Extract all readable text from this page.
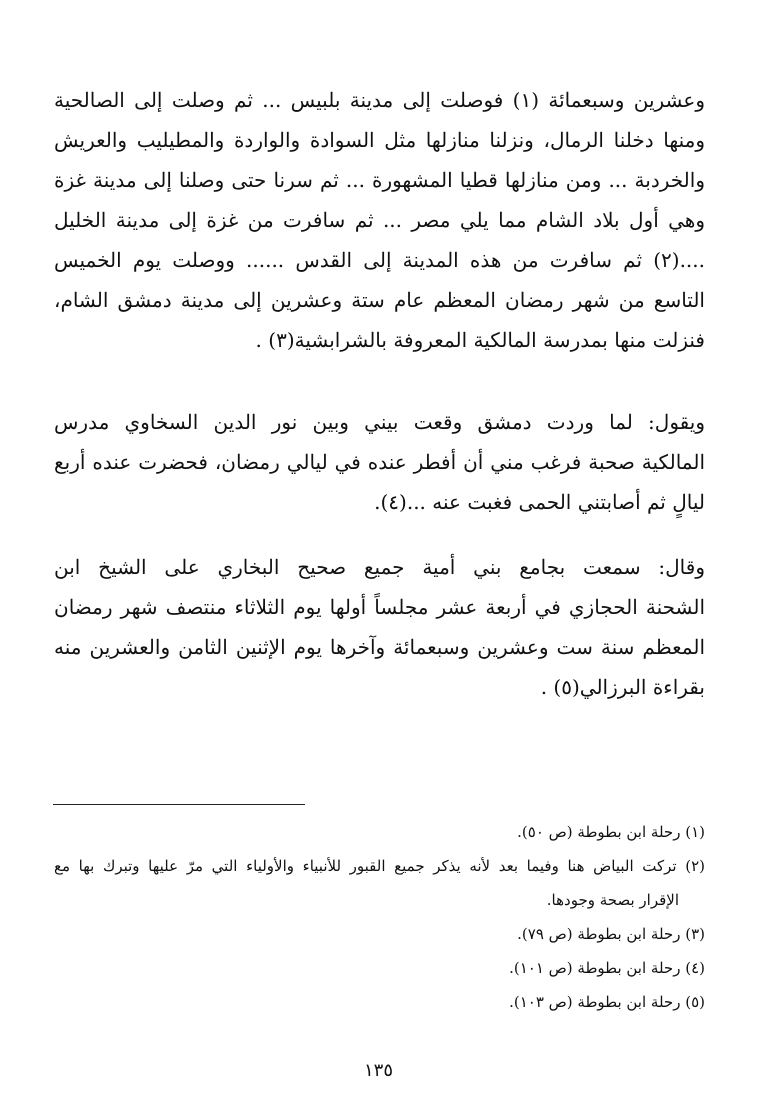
وعشرين وسبعمائة (١) فوصلت إلى مدينة بلبيس ... ثم وصلت إلى الصالحية
ومنها دخلنا الرمال، ونزلنا منازلها مثل السوادة والواردة والمطيليب والعريش
والخردبة ... ومن منازلها قطيا المشهورة ... ثم سرنا حتى وصلنا إلى مدينة غزة
وهي أول بلاد الشام مما يلي مصر ... ثم سافرت من غزة إلى مدينة الخليل
....(٢) ثم سافرت من هذه المدينة إلى القدس ...... ووصلت يوم الخميس
التاسع من شهر رمضان المعظم عام ستة وعشرين إلى مدينة دمشق الشام،
فنزلت منها بمدرسة المالكية المعروفة بالشرابشية(٣) .
ويقول: لما وردت دمشق وقعت بيني وبين نور الدين السخاوي مدرس
المالكية صحبة فرغب مني أن أفطر عنده في ليالي رمضان، فحضرت عنده أربع
ليالٍ ثم أصابتني الحمى فغبت عنه ...(٤).
وقال: سمعت بجامع بني أمية جميع صحيح البخاري على الشيخ ابن
الشحنة الحجازي في أربعة عشر مجلساً أولها يوم الثلاثاء منتصف شهر رمضان
المعظم سنة ست وعشرين وسبعمائة وآخرها يوم الإثنين الثامن والعشرين منه
بقراءة البرزالي(٥) .
(١) رحلة ابن بطوطة (ص ٥٠).
(٢) تركت البياض هنا وفيما بعد لأنه يذكر جميع القبور للأنبياء والأولياء التي مرّ عليها وتبرك بها مع
الإقرار بصحة وجودها.
(٣) رحلة ابن بطوطة (ص ٧٩).
(٤) رحلة ابن بطوطة (ص ١٠١).
(٥) رحلة ابن بطوطة (ص ١٠٣).
١٣٥
